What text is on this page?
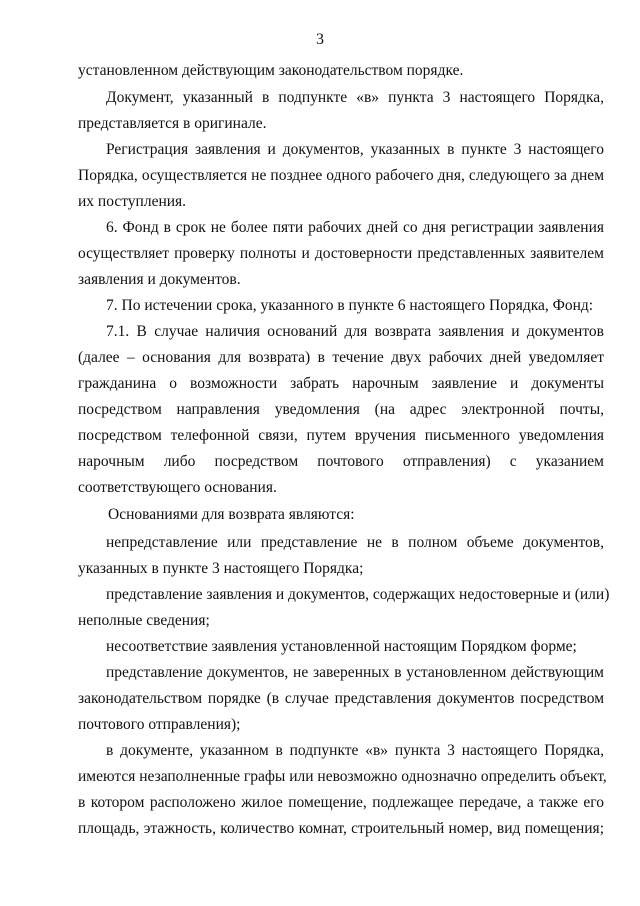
3
установленном действующим законодательством порядке.
Документ, указанный в подпункте «в» пункта 3 настоящего Порядка,
представляется в оригинале.
Регистрация заявления и документов, указанных в пункте 3 настоящего
Порядка, осуществляется не позднее одного рабочего дня, следующего за днем
их поступления.
6. Фонд в срок не более пяти рабочих дней со дня регистрации заявления
осуществляет проверку полноты и достоверности представленных заявителем
заявления и документов.
7. По истечении срока, указанного в пункте 6 настоящего Порядка, Фонд:
7.1. В случае наличия оснований для возврата заявления и документов
(далее – основания для возврата) в течение двух рабочих дней уведомляет
гражданина о возможности забрать нарочным заявление и документы
посредством направления уведомления (на адрес электронной почты,
посредством телефонной связи, путем вручения письменного уведомления
нарочным либо посредством почтового отправления) с указанием
соответствующего основания.
Основаниями для возврата являются:
непредставление или представление не в полном объеме документов,
указанных в пункте 3 настоящего Порядка;
представление заявления и документов, содержащих недостоверные и (или)
неполные сведения;
несоответствие заявления установленной настоящим Порядком форме;
представление документов, не заверенных в установленном действующим
законодательством порядке (в случае представления документов посредством
почтового отправления);
в документе, указанном в подпункте «в» пункта 3 настоящего Порядка,
имеются незаполненные графы или невозможно однозначно определить объект,
в котором расположено жилое помещение, подлежащее передаче, а также его
площадь, этажность, количество комнат, строительный номер, вид помещения;
